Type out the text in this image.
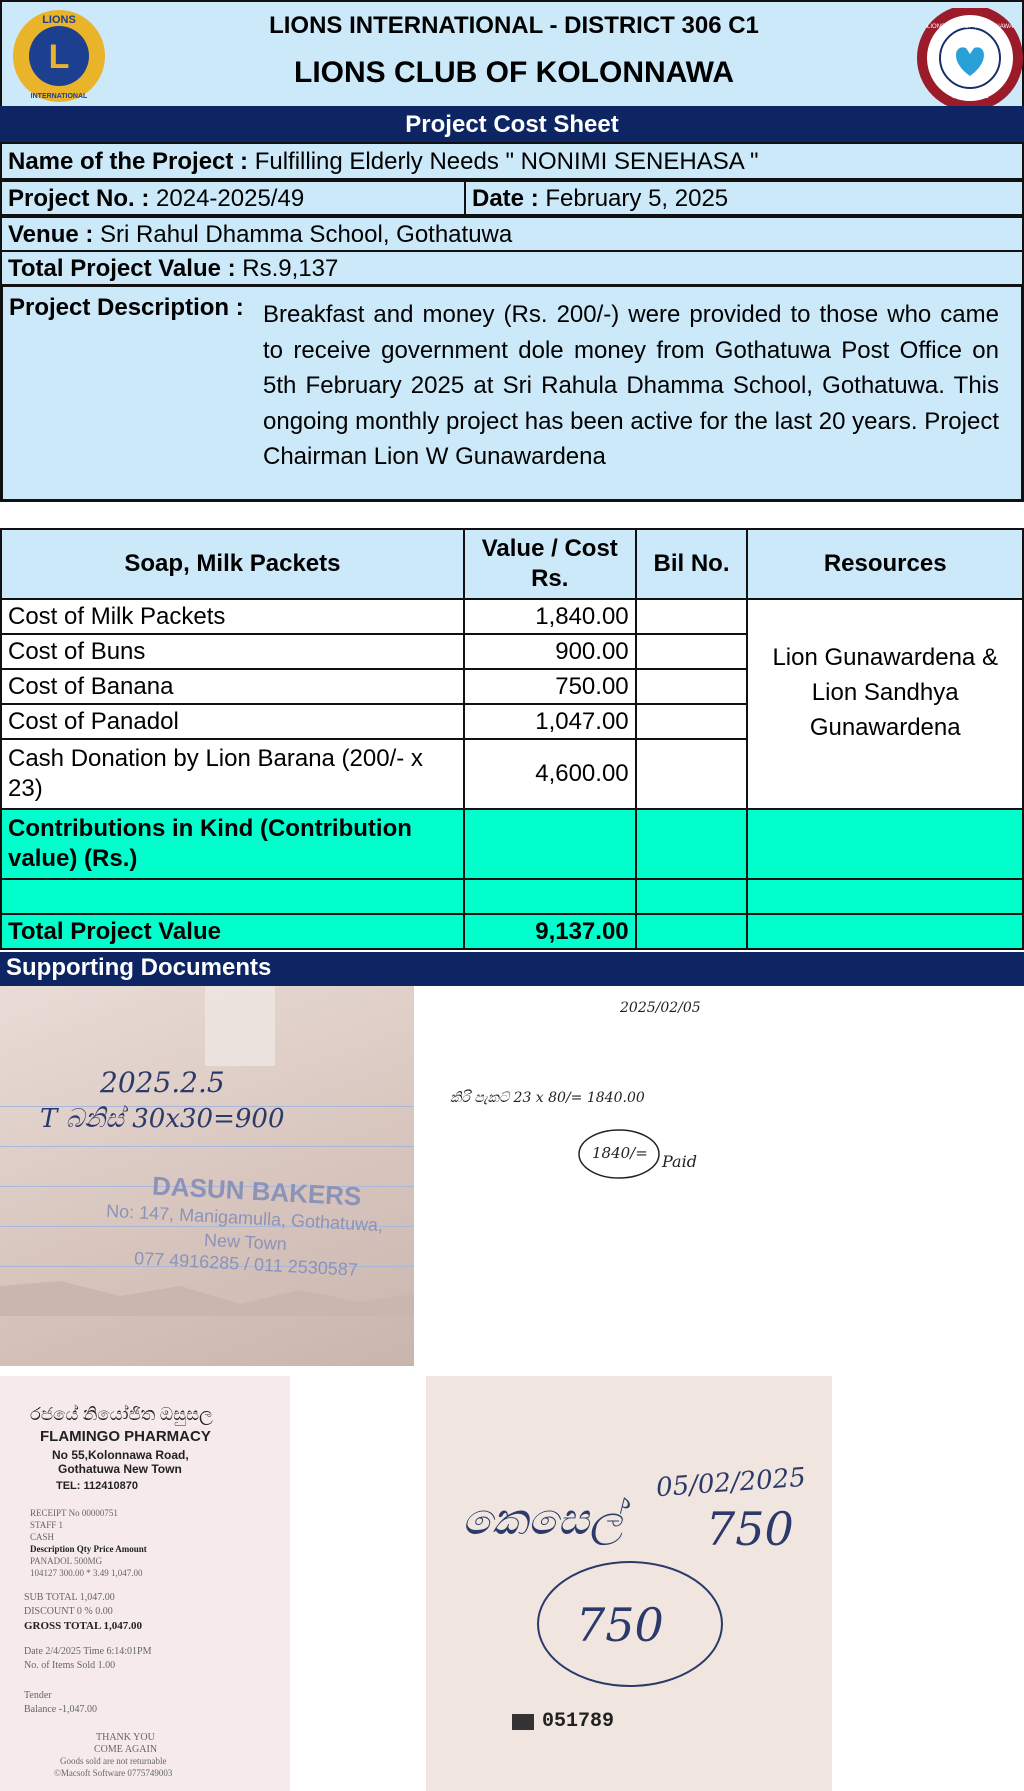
L
LIONS
INTERNATIONAL
LIONS INTERNATIONAL - DISTRICT 306 C1
LIONS CLUB OF KOLONNAWA
LIONS CLUB OF KOLONNAWA
WE SERVE
Project Cost Sheet
Name of the Project : Fulfilling Elderly Needs " NONIMI SENEHASA "
Project No. : 2024-2025/49	Date : February 5, 2025
Venue : Sri Rahul Dhamma School, Gothatuwa
Total Project Value : Rs.9,137
Project Description : Breakfast and money (Rs. 200/-) were provided to those who came to receive government dole money from Gothatuwa Post Office on 5th February 2025 at Sri Rahula Dhamma School, Gothatuwa. This ongoing monthly project has been active for the last 20 years. Project Chairman Lion W Gunawardena
Soap, Milk Packets	Value / Cost Rs.	Bil No.	Resources
Cost of Milk Packets	1,840.00		Lion Gunawardena & Lion Sandhya Gunawardena
Cost of Buns	900.00		
Cost of Banana	750.00		
Cost of Panadol	1,047.00		
Cash Donation by Lion Barana (200/- x 23)	4,600.00		
Contributions in Kind (Contribution value) (Rs.)			

Total Project Value	9,137.00		
Supporting Documents
2025.2.5
T බනිස් 30x30=900
DASUN BAKERS
No: 147, Manigamulla, Gothatuwa,
New Town
077 4916285 / 011 2530587
2025/02/05
කිරි පැකට් 23 x 80/= 1840.00
1840/= Paid
රජයේ නියෝජිත ඔසුසල
FLAMINGO PHARMACY
No 55,Kolonnawa Road,
Gothatuwa New Town
TEL: 112410870
RECEIPT No 00000751
STAFF 1
CASH
Description Qty Price Amount
PANADOL 500MG
104127 300.00 * 3.49 1,047.00
SUB TOTAL 1,047.00
DISCOUNT 0 % 0.00
GROSS TOTAL 1,047.00
Date 2/4/2025 Time 6:14:01PM
No. of Items Sold 1.00
Tender
Balance -1,047.00
THANK YOU
COME AGAIN
Goods sold are not returnable
©Macsoft Software 0775749003
කෙසෙල්
05/02/2025
750
750
051789
